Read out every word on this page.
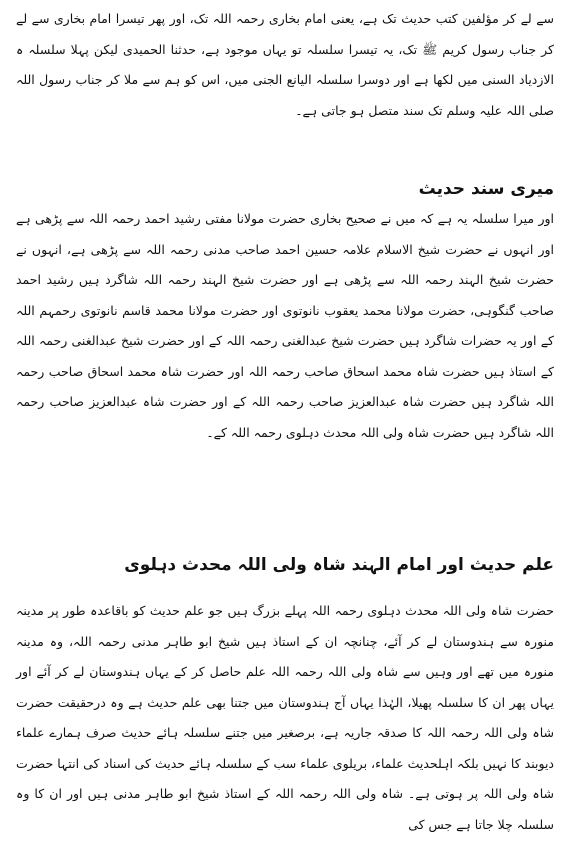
سے لے کر مؤلفین کتب حدیث تک ہے، یعنی امام بخاری رحمہ اللہ تک، اور پھر تیسرا امام بخاری سے لے کر جناب رسول کریم ﷺ تک، یہ تیسرا سلسلہ تو یہاں موجود ہے، حدثنا الحمیدی لیکن پہلا سلسلہ ہ الازدیاد السنی میں لکھا ہے اور دوسرا سلسلہ الیانع الجنی میں، اس کو ہم سے ملا کر جناب رسول اللہ صلی اللہ علیہ وسلم تک سند متصل ہو جاتی ہے۔

میری سند حدیث

اور میرا سلسلہ یہ ہے کہ میں نے صحیح بخاری حضرت مولانا مفتی رشید احمد رحمہ اللہ سے پڑھی ہے اور انہوں نے حضرت شیخ الاسلام علامہ حسین احمد صاحب مدنی رحمہ اللہ سے پڑھی ہے، انہوں نے حضرت شیخ الہند رحمہ اللہ سے پڑھی ہے اور حضرت شیخ الہند رحمہ اللہ شاگرد ہیں رشید احمد صاحب گنگوہی، حضرت مولانا محمد یعقوب نانوتوی اور حضرت مولانا محمد قاسم نانوتوی رحمہم اللہ کے اور یہ حضرات شاگرد ہیں حضرت شیخ عبدالغنی رحمہ اللہ کے اور حضرت شیخ عبدالغنی رحمہ اللہ کے استاذ ہیں حضرت شاہ محمد اسحاق صاحب رحمہ اللہ اور حضرت شاہ محمد اسحاق صاحب رحمہ اللہ شاگرد ہیں حضرت شاہ عبدالعزیز صاحب رحمہ اللہ کے اور حضرت شاہ عبدالعزیز صاحب رحمہ اللہ شاگرد ہیں حضرت شاہ ولی اللہ محدث دہلوی رحمہ اللہ کے۔

علم حدیث اور امام الہند شاہ ولی اللہ محدث دہلوی

حضرت شاہ ولی اللہ محدث دہلوی رحمہ اللہ پہلے بزرگ ہیں جو علم حدیث کو باقاعدہ طور پر مدینہ منورہ سے ہندوستان لے کر آئے، چنانچہ ان کے استاذ ہیں شیخ ابو طاہر مدنی رحمہ اللہ، وہ مدینہ منورہ میں تھے اور وہیں سے شاہ ولی اللہ رحمہ اللہ علم حاصل کر کے یہاں ہندوستان لے کر آئے اور یہاں پھر ان کا سلسلہ پھیلا، الہٰذا یہاں آج ہندوستان میں جتنا بھی علم حدیث ہے وہ درحقیقت حضرت شاہ ولی اللہ رحمہ اللہ کا صدقہ جاریہ ہے، برصغیر میں جتنے سلسلہ ہائے حدیث صرف ہمارے علماء دیوبند کا نہیں بلکہ اہلحدیث علماء، بریلوی علماء سب کے سلسلہ ہائے حدیث کی اسناد کی انتہا حضرت شاہ ولی اللہ پر ہوتی ہے۔ شاہ ولی اللہ رحمہ اللہ کے استاذ شیخ ابو طاہر مدنی ہیں اور ان کا وہ سلسلہ چلا جاتا ہے جس کی
